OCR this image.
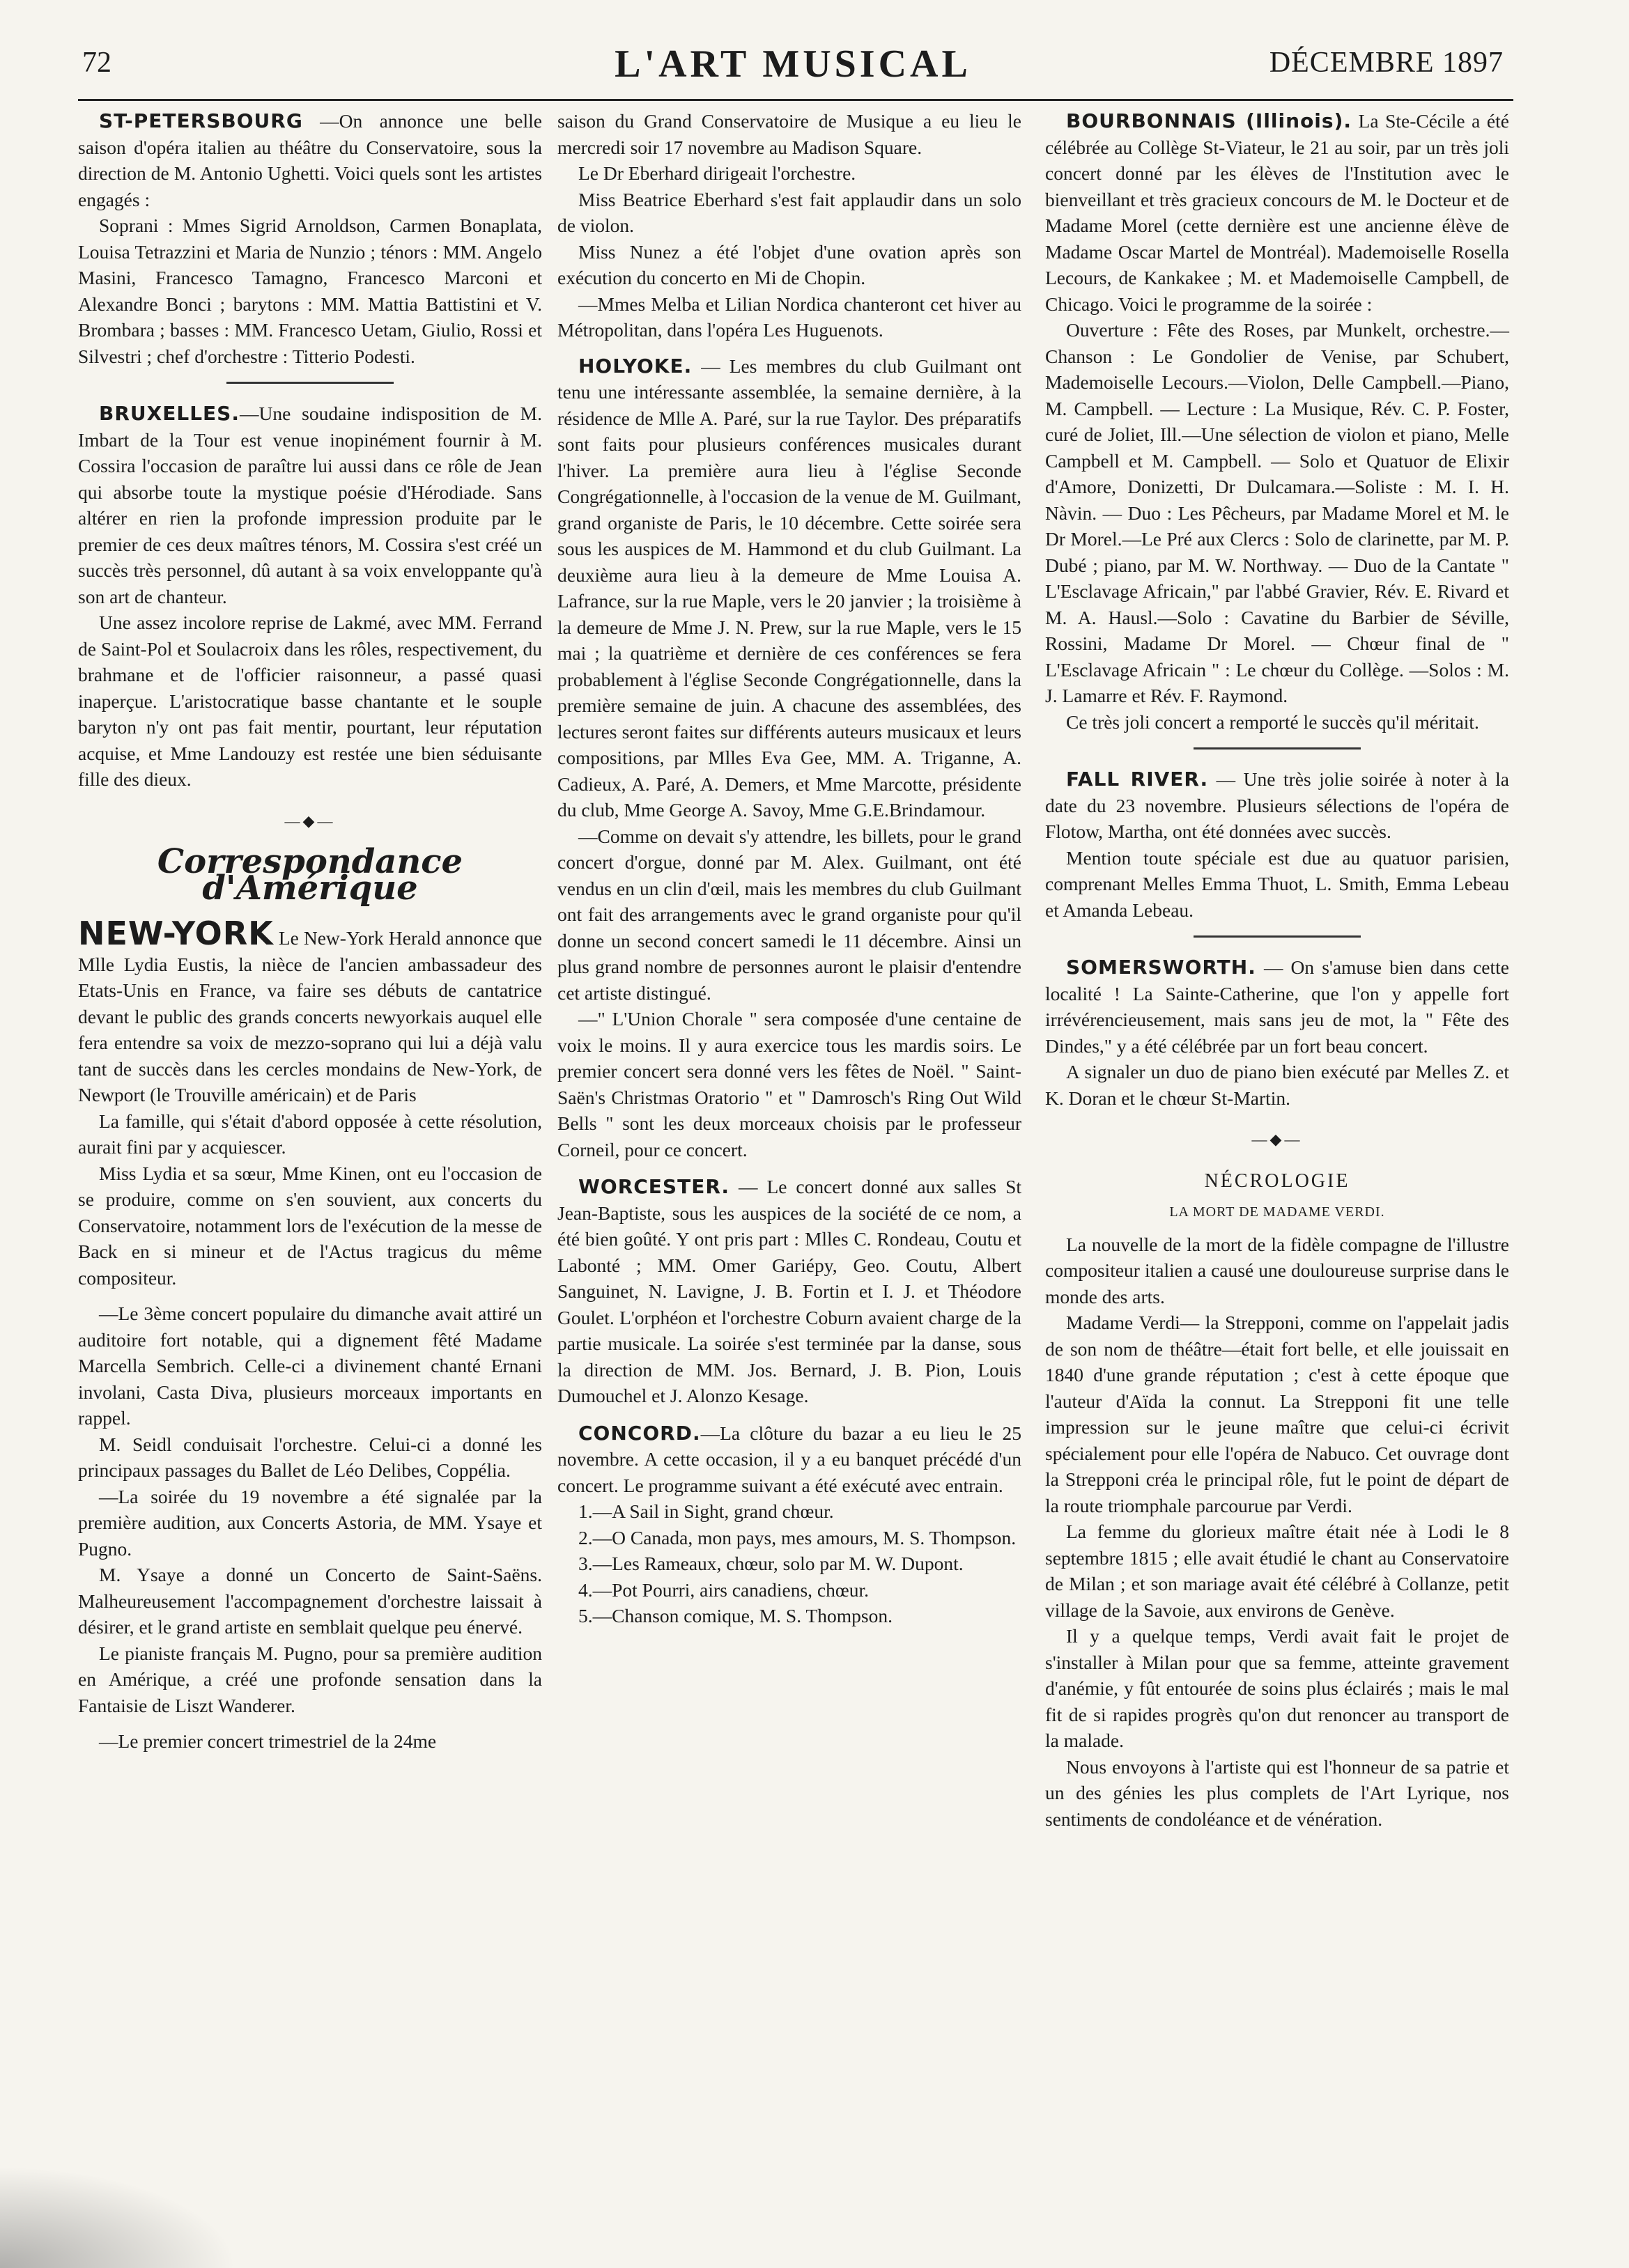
72	L'ART MUSICAL	DÉCEMBRE 1897

ST-PETERSBOURG —On annonce une belle saison d'opéra italien au théâtre du Conservatoire, sous la direction de M. Antonio Ughetti. Voici quels sont les artistes engagés :

Soprani : Mmes Sigrid Arnoldson, Carmen Bonaplata, Louisa Tetrazzini et Maria de Nunzio ; ténors : MM. Angelo Masini, Francesco Tamagno, Francesco Marconi et Alexandre Bonci ; barytons : MM. Mattia Battistini et V. Brombara ; basses : MM. Francesco Uetam, Giulio, Rossi et Silvestri ; chef d'orchestre : Titterio Podesti.

BRUXELLES.—Une soudaine indisposition de M. Imbart de la Tour est venue inopinément fournir à M. Cossira l'occasion de paraître lui aussi dans ce rôle de Jean qui absorbe toute la mystique poésie d'Hérodiade. Sans altérer en rien la profonde impression produite par le premier de ces deux maîtres ténors, M. Cossira s'est créé un succès très personnel, dû autant à sa voix enveloppante qu'à son art de chanteur.

Une assez incolore reprise de Lakmé, avec MM. Ferrand de Saint-Pol et Soulacroix dans les rôles, respectivement, du brahmane et de l'officier raisonneur, a passé quasi inaperçue. L'aristocratique basse chantante et le souple baryton n'y ont pas fait mentir, pourtant, leur réputation acquise, et Mme Landouzy est restée une bien séduisante fille des dieux.

—◆—
Correspondance d'Amérique

NEW-YORK Le New-York Herald annonce que Mlle Lydia Eustis, la nièce de l'ancien ambassadeur des Etats-Unis en France, va faire ses débuts de cantatrice devant le public des grands concerts newyorkais auquel elle fera entendre sa voix de mezzo-soprano qui lui a déjà valu tant de succès dans les cercles mondains de New-York, de Newport (le Trouville américain) et de Paris

La famille, qui s'était d'abord opposée à cette résolution, aurait fini par y acquiescer.

Miss Lydia et sa sœur, Mme Kinen, ont eu l'occasion de se produire, comme on s'en souvient, aux concerts du Conservatoire, notamment lors de l'exécution de la messe de Back en si mineur et de l'Actus tragicus du même compositeur.

—Le 3ème concert populaire du dimanche avait attiré un auditoire fort notable, qui a dignement fêté Madame Marcella Sembrich. Celle-ci a divinement chanté Ernani involani, Casta Diva, plusieurs morceaux importants en rappel.

M. Seidl conduisait l'orchestre. Celui-ci a donné les principaux passages du Ballet de Léo Delibes, Coppélia.

—La soirée du 19 novembre a été signalée par la première audition, aux Concerts Astoria, de MM. Ysaye et Pugno.

M. Ysaye a donné un Concerto de Saint-Saëns. Malheureusement l'accompagnement d'orchestre laissait à désirer, et le grand artiste en semblait quelque peu énervé.

Le pianiste français M. Pugno, pour sa première audition en Amérique, a créé une profonde sensation dans la Fantaisie de Liszt Wanderer.

—Le premier concert trimestriel de la 24me

saison du Grand Conservatoire de Musique a eu lieu le mercredi soir 17 novembre au Madison Square.

Le Dr Eberhard dirigeait l'orchestre.

Miss Beatrice Eberhard s'est fait applaudir dans un solo de violon.

Miss Nunez a été l'objet d'une ovation après son exécution du concerto en Mi de Chopin.

—Mmes Melba et Lilian Nordica chanteront cet hiver au Métropolitan, dans l'opéra Les Huguenots.

HOLYOKE. — Les membres du club Guilmant ont tenu une intéressante assemblée, la semaine dernière, à la résidence de Mlle A. Paré, sur la rue Taylor. Des préparatifs sont faits pour plusieurs conférences musicales durant l'hiver. La première aura lieu à l'église Seconde Congrégationnelle, à l'occasion de la venue de M. Guilmant, grand organiste de Paris, le 10 décembre. Cette soirée sera sous les auspices de M. Hammond et du club Guilmant. La deuxième aura lieu à la demeure de Mme Louisa A. Lafrance, sur la rue Maple, vers le 20 janvier ; la troisième à la demeure de Mme J. N. Prew, sur la rue Maple, vers le 15 mai ; la quatrième et dernière de ces conférences se fera probablement à l'église Seconde Congrégationnelle, dans la première semaine de juin. A chacune des assemblées, des lectures seront faites sur différents auteurs musicaux et leurs compositions, par Mlles Eva Gee, MM. A. Triganne, A. Cadieux, A. Paré, A. Demers, et Mme Marcotte, présidente du club, Mme George A. Savoy, Mme G.E.Brindamour.

—Comme on devait s'y attendre, les billets, pour le grand concert d'orgue, donné par M. Alex. Guilmant, ont été vendus en un clin d'œil, mais les membres du club Guilmant ont fait des arrangements avec le grand organiste pour qu'il donne un second concert samedi le 11 décembre. Ainsi un plus grand nombre de personnes auront le plaisir d'entendre cet artiste distingué.

—" L'Union Chorale " sera composée d'une centaine de voix le moins. Il y aura exercice tous les mardis soirs. Le premier concert sera donné vers les fêtes de Noël. " Saint-Saën's Christmas Oratorio " et " Damrosch's Ring Out Wild Bells " sont les deux morceaux choisis par le professeur Corneil, pour ce concert.

WORCESTER. — Le concert donné aux salles St Jean-Baptiste, sous les auspices de la société de ce nom, a été bien goûté. Y ont pris part : Mlles C. Rondeau, Coutu et Labonté ; MM. Omer Gariépy, Geo. Coutu, Albert Sanguinet, N. Lavigne, J. B. Fortin et I. J. et Théodore Goulet. L'orphéon et l'orchestre Coburn avaient charge de la partie musicale. La soirée s'est terminée par la danse, sous la direction de MM. Jos. Bernard, J. B. Pion, Louis Dumouchel et J. Alonzo Kesage.

CONCORD.—La clôture du bazar a eu lieu le 25 novembre. A cette occasion, il y a eu banquet précédé d'un concert. Le programme suivant a été exécuté avec entrain.

1.—A Sail in Sight, grand chœur.

2.—O Canada, mon pays, mes amours, M. S. Thompson.

3.—Les Rameaux, chœur, solo par M. W. Dupont.

4.—Pot Pourri, airs canadiens, chœur.

5.—Chanson comique, M. S. Thompson.

BOURBONNAIS (Illinois). La Ste-Cécile a été célébrée au Collège St-Viateur, le 21 au soir, par un très joli concert donné par les élèves de l'Institution avec le bienveillant et très gracieux concours de M. le Docteur et de Madame Morel (cette dernière est une ancienne élève de Madame Oscar Martel de Montréal). Mademoiselle Rosella Lecours, de Kankakee ; M. et Mademoiselle Campbell, de Chicago. Voici le programme de la soirée :

Ouverture : Fête des Roses, par Munkelt, orchestre.—Chanson : Le Gondolier de Venise, par Schubert, Mademoiselle Lecours.—Violon, Delle Campbell.—Piano, M. Campbell. — Lecture : La Musique, Rév. C. P. Foster, curé de Joliet, Ill.—Une sélection de violon et piano, Melle Campbell et M. Campbell. — Solo et Quatuor de Elixir d'Amore, Donizetti, Dr Dulcamara.—Soliste : M. I. H. Nàvin. — Duo : Les Pêcheurs, par Madame Morel et M. le Dr Morel.—Le Pré aux Clercs : Solo de clarinette, par M. P. Dubé ; piano, par M. W. Northway. — Duo de la Cantate " L'Esclavage Africain," par l'abbé Gravier, Rév. E. Rivard et M. A. Hausl.—Solo : Cavatine du Barbier de Séville, Rossini, Madame Dr Morel. — Chœur final de " L'Esclavage Africain " : Le chœur du Collège. —Solos : M. J. Lamarre et Rév. F. Raymond.

Ce très joli concert a remporté le succès qu'il méritait.

FALL RIVER. — Une très jolie soirée à noter à la date du 23 novembre. Plusieurs sélections de l'opéra de Flotow, Martha, ont été données avec succès.

Mention toute spéciale est due au quatuor parisien, comprenant Melles Emma Thuot, L. Smith, Emma Lebeau et Amanda Lebeau.

SOMERSWORTH. — On s'amuse bien dans cette localité ! La Sainte-Catherine, que l'on y appelle fort irrévérencieusement, mais sans jeu de mot, la " Fête des Dindes," y a été célébrée par un fort beau concert.

A signaler un duo de piano bien exécuté par Melles Z. et K. Doran et le chœur St-Martin.

—◆—
NÉCROLOGIE
LA MORT DE MADAME VERDI.

La nouvelle de la mort de la fidèle compagne de l'illustre compositeur italien a causé une douloureuse surprise dans le monde des arts.

Madame Verdi— la Strepponi, comme on l'appelait jadis de son nom de théâtre—était fort belle, et elle jouissait en 1840 d'une grande réputation ; c'est à cette époque que l'auteur d'Aïda la connut. La Strepponi fit une telle impression sur le jeune maître que celui-ci écrivit spécialement pour elle l'opéra de Nabuco. Cet ouvrage dont la Strepponi créa le principal rôle, fut le point de départ de la route triomphale parcourue par Verdi.

La femme du glorieux maître était née à Lodi le 8 septembre 1815 ; elle avait étudié le chant au Conservatoire de Milan ; et son mariage avait été célébré à Collanze, petit village de la Savoie, aux environs de Genève.

Il y a quelque temps, Verdi avait fait le projet de s'installer à Milan pour que sa femme, atteinte gravement d'anémie, y fût entourée de soins plus éclairés ; mais le mal fit de si rapides progrès qu'on dut renoncer au transport de la malade.

Nous envoyons à l'artiste qui est l'honneur de sa patrie et un des génies les plus complets de l'Art Lyrique, nos sentiments de condoléance et de vénération.
